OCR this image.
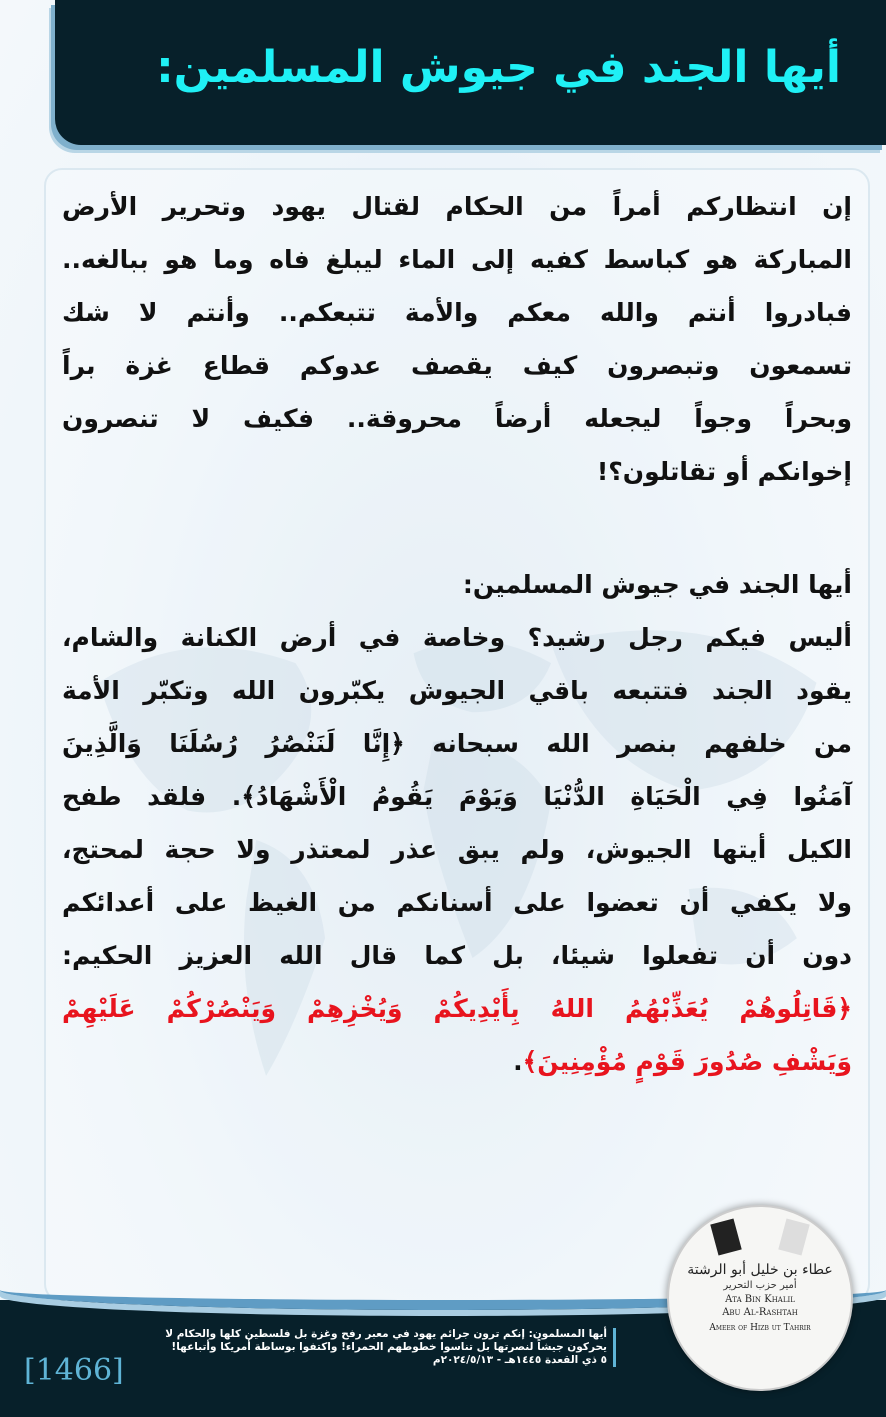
أيها الجند في جيوش المسلمين:
إن انتظاركم أمراً من الحكام لقتال يهود وتحرير الأرض
المباركة هو كباسط كفيه إلى الماء ليبلغ فاه وما هو ببالغه..
فبادروا أنتم والله معكم والأمة تتبعكم.. وأنتم لا شك
تسمعون وتبصرون كيف يقصف عدوكم قطاع غزة براً
وبحراً وجواً ليجعله أرضاً محروقة.. فكيف لا تنصرون
إخوانكم أو تقاتلون؟!
أيها الجند في جيوش المسلمين:
أليس فيكم رجل رشيد؟ وخاصة في أرض الكنانة والشام،
يقود الجند فتتبعه باقي الجيوش يكبّرون الله وتكبّر الأمة
من خلفهم بنصر الله سبحانه ﴿إِنَّا لَنَنْصُرُ رُسُلَنَا وَالَّذِينَ
آمَنُوا فِي الْحَيَاةِ الدُّنْيَا وَيَوْمَ يَقُومُ الْأَشْهَادُ﴾. فلقد طفح
الكيل أيتها الجيوش، ولم يبق عذر لمعتذر ولا حجة لمحتج،
ولا يكفي أن تعضوا على أسنانكم من الغيظ على أعدائكم
دون أن تفعلوا شيئا، بل كما قال الله العزيز الحكيم:
﴿قَاتِلُوهُمْ يُعَذِّبْهُمُ اللهُ بِأَيْدِيكُمْ وَيُخْزِهِمْ وَيَنْصُرْكُمْ عَلَيْهِمْ
وَيَشْفِ صُدُورَ قَوْمٍ مُؤْمِنِينَ﴾.
[1466]
أيها المسلمون: إنكم ترون جرائم يهود في معبر رفح وغزة بل فلسطين كلها والحكام لا
يحركون جيشاً لنصرتها بل تناسوا خطوطهم الحمراء! واكتفوا بوساطة أمريكا وأتباعها!
٥ ذي القعدة ١٤٤٥هـ - ٢٠٢٤/٥/١٣م
عطاء بن خليل أبو الرشتة
أمير حزب التحرير
Ata Bin Khalil
Abu Al-Rashtah
Ameer of Hizb ut Tahrir
